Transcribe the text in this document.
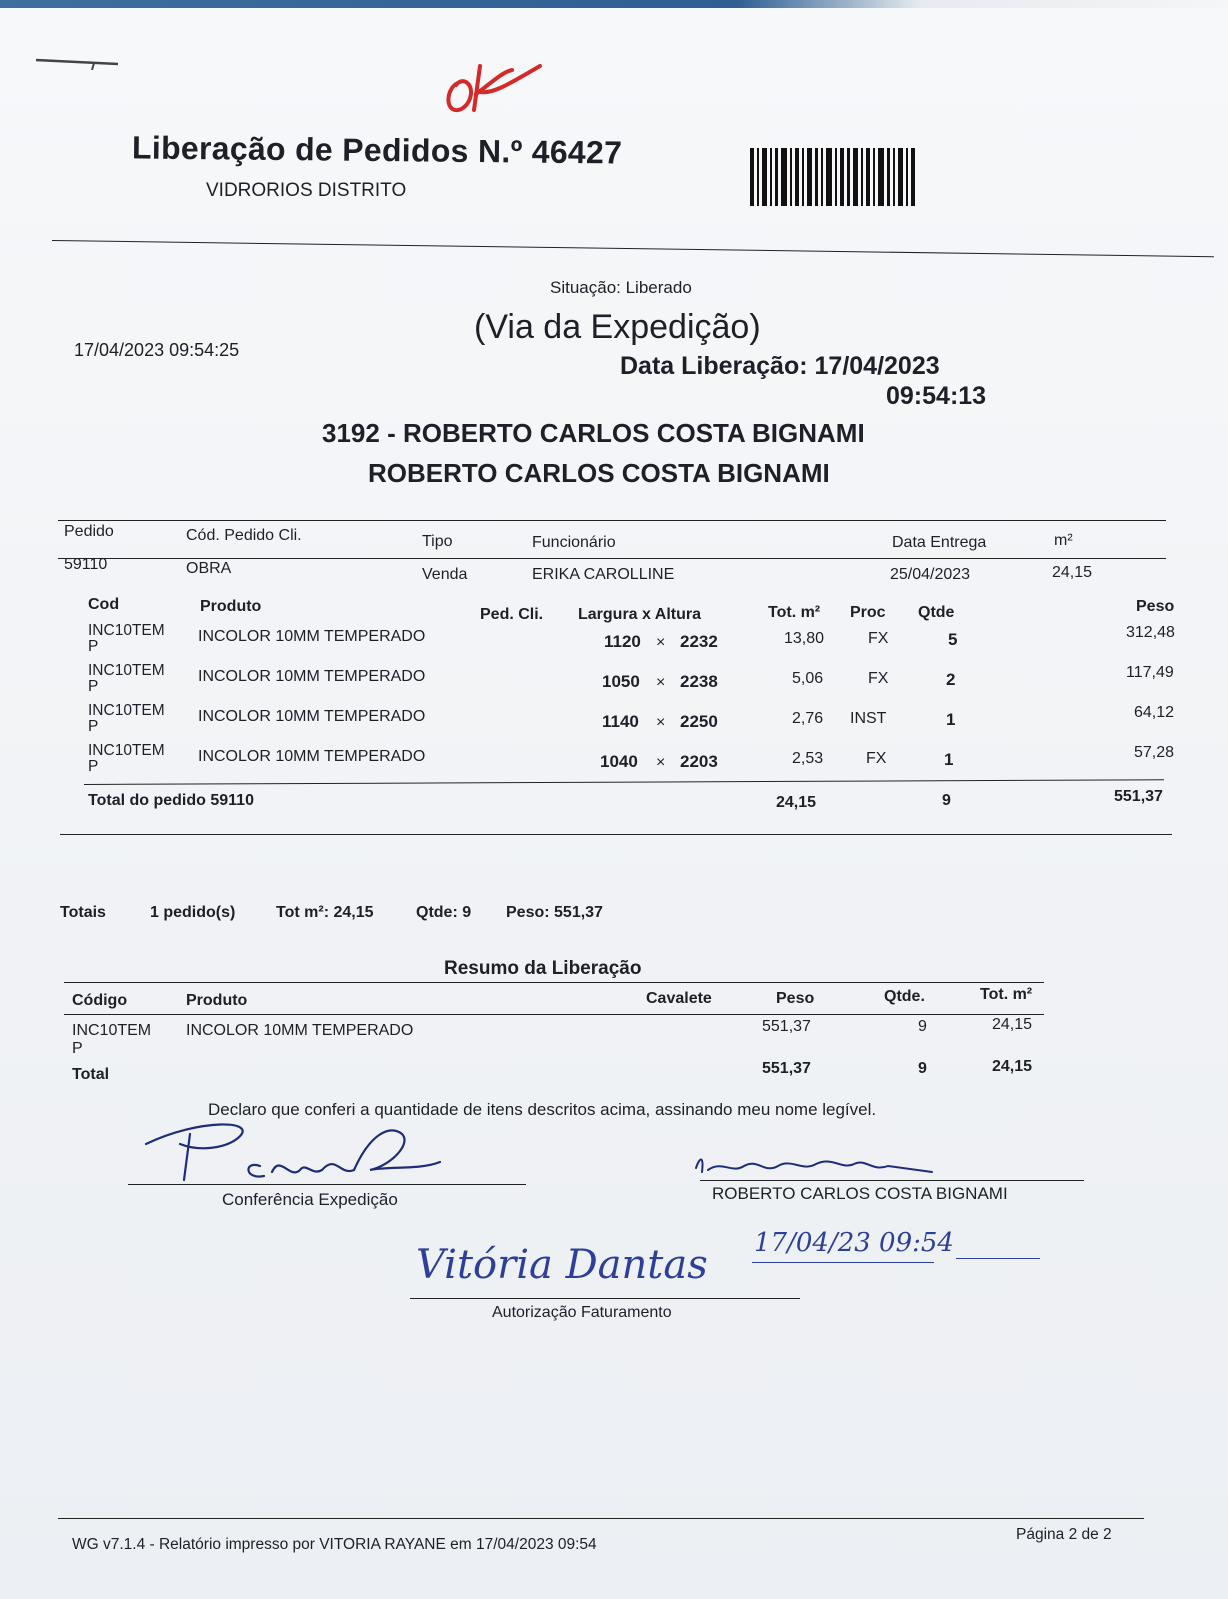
Liberação de Pedidos N.º 46427
VIDRORIOS DISTRITO
Situação: Liberado
(Via da Expedição)
17/04/2023 09:54:25
Data Liberação: 17/04/2023
09:54:13
3192 - ROBERTO CARLOS COSTA BIGNAMI
ROBERTO CARLOS COSTA BIGNAMI
Pedido	Cód. Pedido Cli.	Tipo	Funcionário	Data Entrega	m²
59110	OBRA	Venda	ERIKA CAROLLINE	25/04/2023	24,15
Cod	Produto	Ped. Cli. Largura x Altura	Tot. m² Proc Qtde	Peso
INC10TEM
P
INCOLOR 10MM TEMPERADO	1120 × 2232	13,80	FX	5	312,48
INC10TEM
P
INCOLOR 10MM TEMPERADO	1050 × 2238	5,06	FX	2	117,49
INC10TEM
P
INCOLOR 10MM TEMPERADO	1140 × 2250	2,76 INST	1	64,12
INC10TEM
P
INCOLOR 10MM TEMPERADO	1040 × 2203	2,53	FX	1	57,28
Total do pedido 59110	24,15	9	551,37
Totais	1 pedido(s)	Tot m²: 24,15	Qtde: 9 Peso: 551,37
Resumo da Liberação
Código	Produto	Cavalete	Peso	Qtde.	Tot. m²
INC10TEM
P
INCOLOR 10MM TEMPERADO	551,37	9	24,15
Total	551,37	9	24,15
Declaro que conferi a quantidade de itens descritos acima, assinando meu nome legível.
Conferência Expedição	ROBERTO CARLOS COSTA BIGNAMI
17/04/23 09:54
Vitória Dantas
Autorização Faturamento
WG v7.1.4 - Relatório impresso por VITORIA RAYANE em 17/04/2023 09:54
Página 2 de 2
